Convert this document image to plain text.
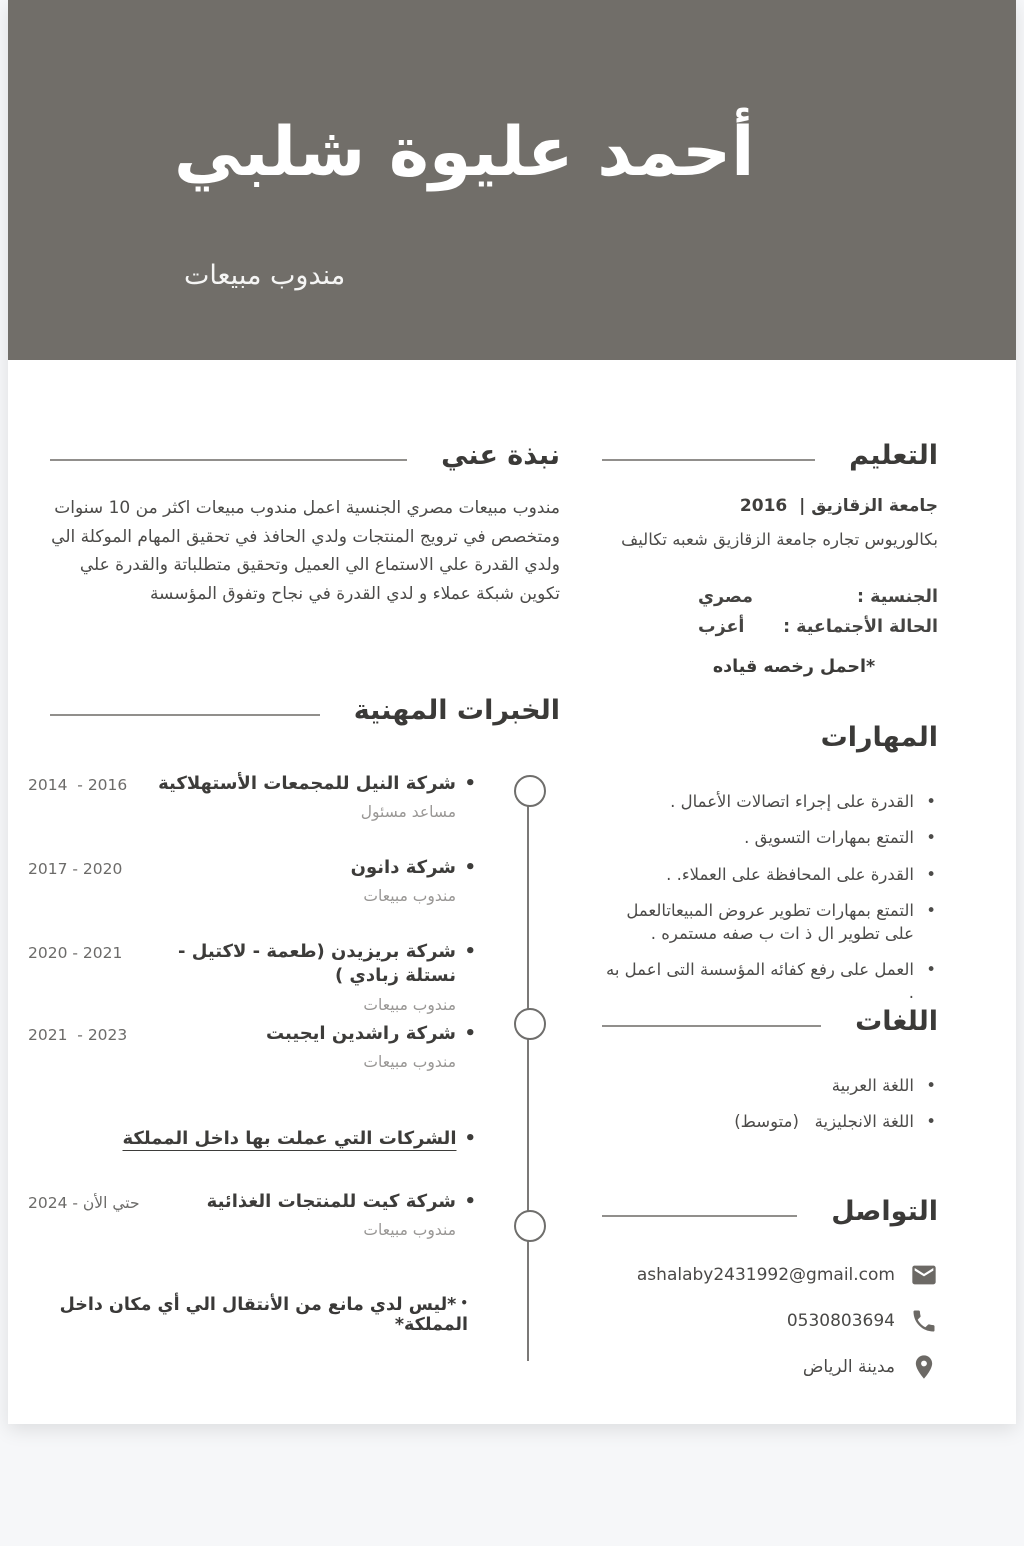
أحمد عليوة شلبي
مندوب مبيعات
التعليم
جامعة الزقازيق |  2016
بكالوريوس تجاره جامعة الزقازيق شعبه تكاليف
الجنسية :
مصري
الحالة الأجتماعية :
أعزب
*احمل رخصه قياده
المهارات
• القدرة على إجراء اتصالات الأعمال .
• التمتع بمهارات التسويق .
• القدرة على المحافظة على العملاء. .
• التمتع بمهارات تطوير عروض المبيعاتالعمل على تطوير ال ذ ات ب صفه مستمره .
• العمل على رفع كفائه المؤسسة التى اعمل به .
اللغات
• اللغة العربية
• اللغة الانجليزية   (متوسط)
التواصل
ashalaby2431992@gmail.com
0530803694
مدينة الرياض
نبذة عني
مندوب مبيعات مصري الجنسية اعمل مندوب مبيعات اكثر من 10 سنوات ومتخصص في ترويج المنتجات ولدي الحافذ في تحقيق المهام الموكلة الي ولدي القدرة علي الاستماع الي العميل وتحقيق متطلباتة والقدرة علي تكوين شبكة عملاء و لدي القدرة في نجاح وتفوق المؤسسة
الخبرات المهنية
• شركة النيل للمجمعات الأستهلاكية
مساعد مسئول
2014  - 2016
• شركة دانون
مندوب مبيعات
2017 - 2020
• شركة بريزيدن (طعمة - لاكتيل - نستلة زبادي )
مندوب مبيعات
2020 - 2021
• شركة راشدين ايجيبت
مندوب مبيعات
2021  - 2023
•الشركات التي عملت بها داخل المملكة
• شركة كيت للمنتجات الغذائية
مندوب مبيعات
2024 - حتي الأن
• *ليس لدي مانع من الأنتقال الي أي مكان داخل المملكة*
